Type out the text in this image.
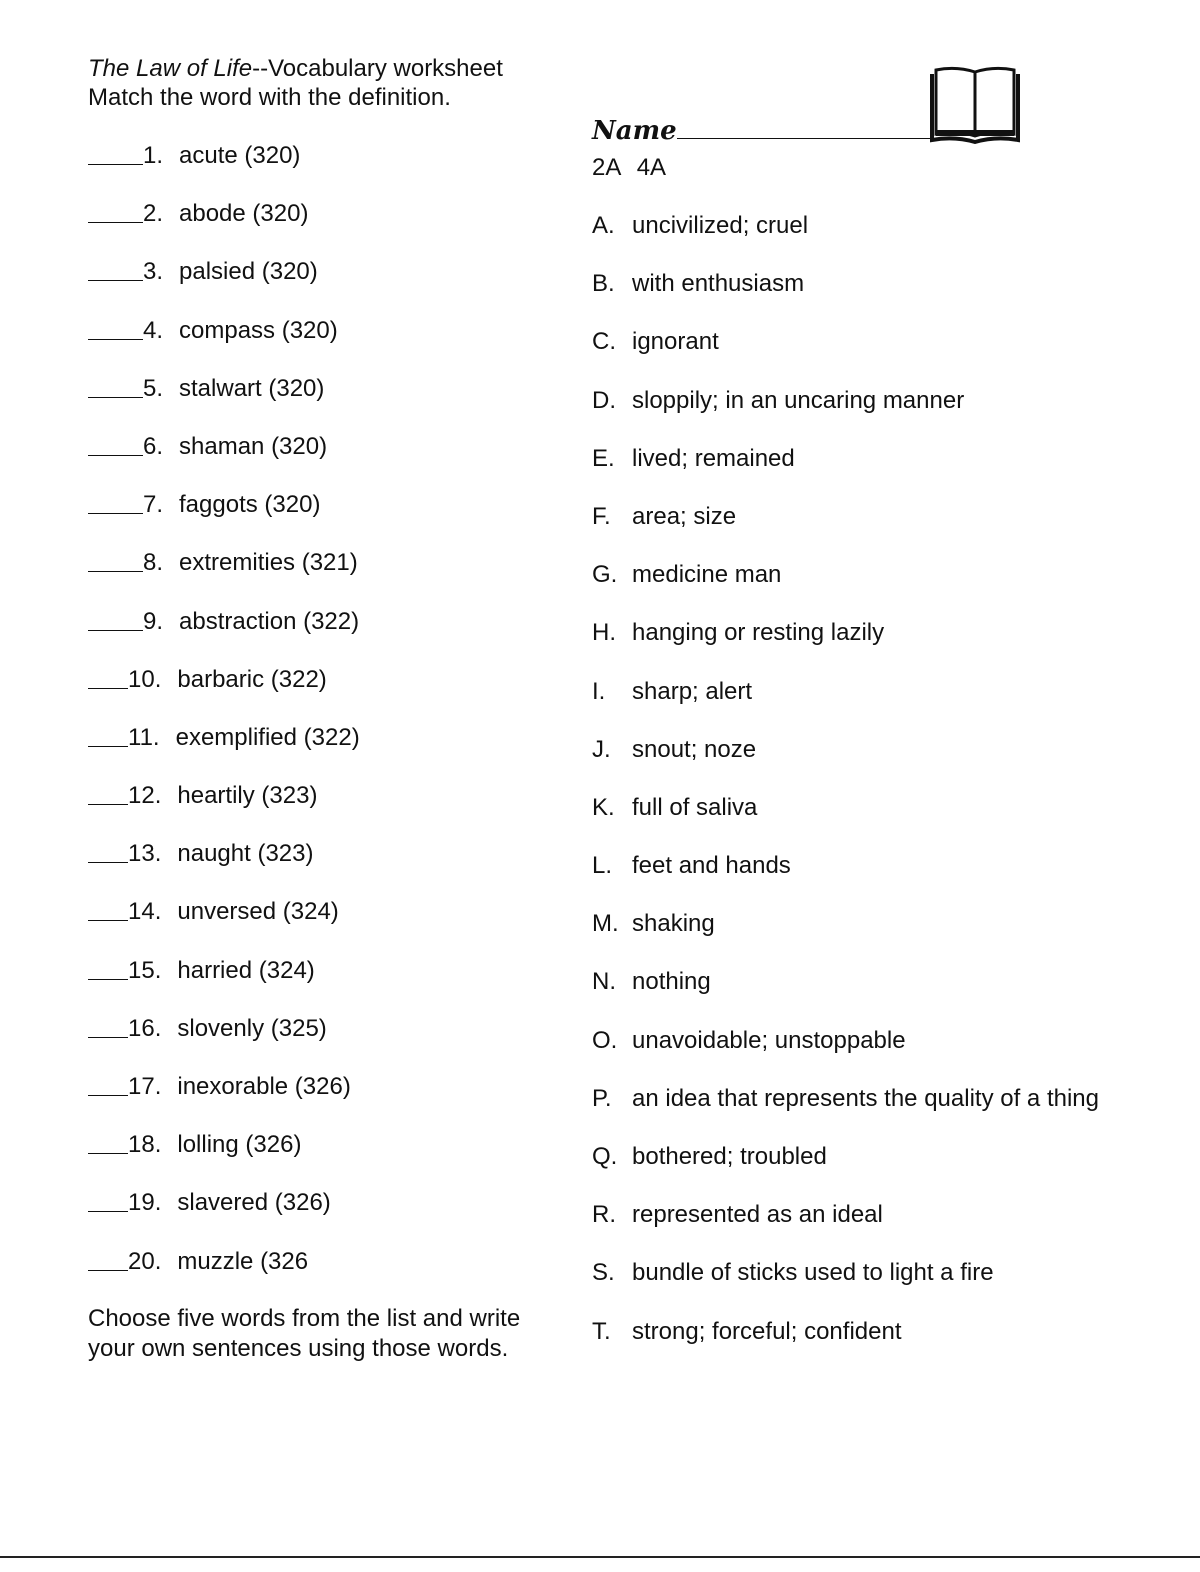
The Law of Life--Vocabulary worksheet
Match the word with the definition.
Name
2A 4A
1. acute (320)
2. abode (320)
3. palsied (320)
4. compass (320)
5. stalwart (320)
6. shaman (320)
7. faggots (320)
8. extremities (321)
9. abstraction (322)
10. barbaric (322)
11. exemplified (322)
12. heartily (323)
13. naught (323)
14. unversed (324)
15. harried (324)
16. slovenly (325)
17. inexorable (326)
18. lolling (326)
19. slavered (326)
20. muzzle (326
A. uncivilized; cruel
B. with enthusiasm
C. ignorant
D. sloppily; in an uncaring manner
E. lived; remained
F. area; size
G. medicine man
H. hanging or resting lazily
I.	sharp; alert
J. snout; noze
K. full of saliva
L. feet and hands
M. shaking
N. nothing
O. unavoidable; unstoppable
P. an idea that represents the quality of a thing
Q. bothered; troubled
R. represented as an ideal
S. bundle of sticks used to light a fire
T. strong; forceful; confident
Choose five words from the list and write your own sentences using those words.
